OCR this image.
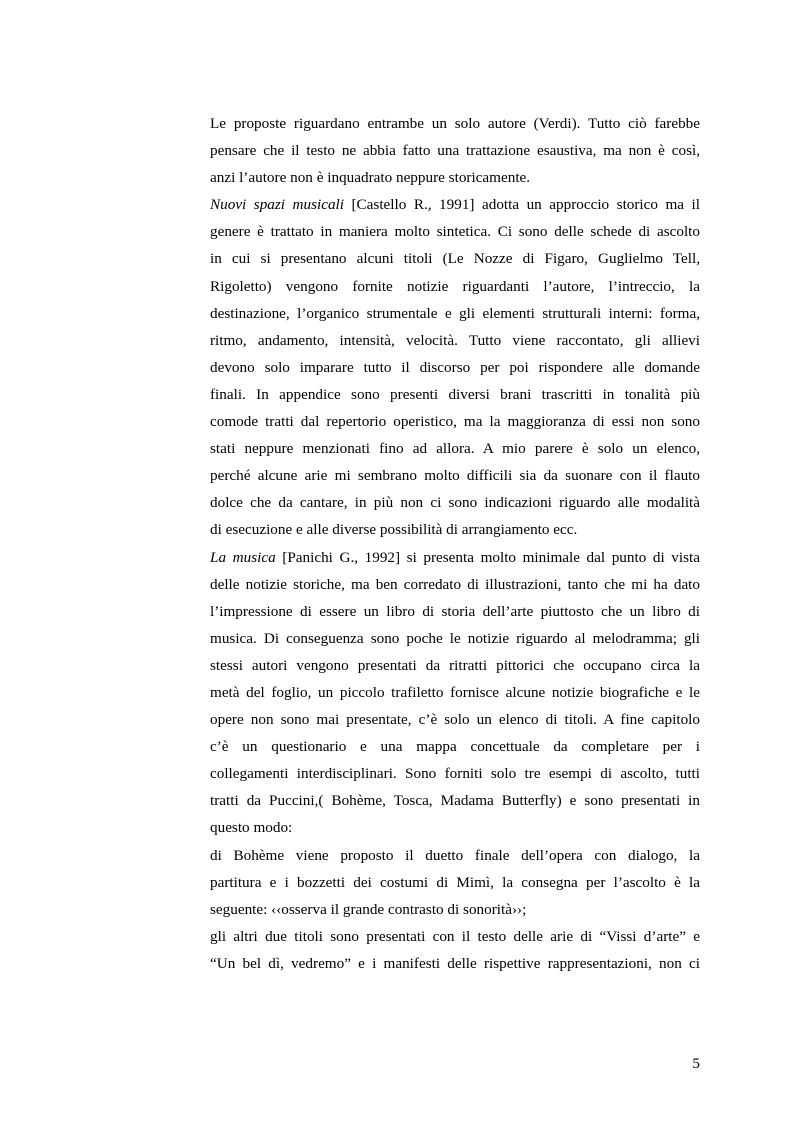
Le proposte riguardano entrambe un solo autore (Verdi). Tutto ciò farebbe
pensare che il testo ne abbia fatto una trattazione esaustiva, ma non è così,
anzi l’autore non è inquadrato neppure storicamente.
Nuovi spazi musicali [Castello R., 1991] adotta un approccio storico ma il
genere è trattato in maniera molto sintetica. Ci sono delle schede di ascolto
in cui si presentano alcuni titoli (Le Nozze di Figaro, Guglielmo Tell,
Rigoletto) vengono fornite notizie riguardanti l’autore, l’intreccio, la
destinazione, l’organico strumentale e gli elementi strutturali interni: forma,
ritmo, andamento, intensità, velocità. Tutto viene raccontato, gli allievi
devono solo imparare tutto il discorso per poi rispondere alle domande
finali. In appendice sono presenti diversi brani trascritti in tonalità più
comode tratti dal repertorio operistico, ma la maggioranza di essi non sono
stati neppure menzionati fino ad allora. A mio parere è solo un elenco,
perché alcune arie mi sembrano molto difficili sia da suonare con il flauto
dolce che da cantare, in più non ci sono indicazioni riguardo alle modalità
di esecuzione e alle diverse possibilità di arrangiamento ecc.
La musica [Panichi G., 1992] si presenta molto minimale dal punto di vista
delle notizie storiche, ma ben corredato di illustrazioni, tanto che mi ha dato
l’impressione di essere un libro di storia dell’arte piuttosto che un libro di
musica. Di conseguenza sono poche le notizie riguardo al melodramma; gli
stessi autori vengono presentati da ritratti pittorici che occupano circa la
metà del foglio, un piccolo trafiletto fornisce alcune notizie biografiche e le
opere non sono mai presentate, c’è solo un elenco di titoli. A fine capitolo
c’è un questionario e una mappa concettuale da completare per i
collegamenti interdisciplinari. Sono forniti solo tre esempi di ascolto, tutti
tratti da Puccini,( Bohème, Tosca, Madama Butterfly) e sono presentati in
questo modo:
di Bohème viene proposto il duetto finale dell’opera con dialogo, la
partitura e i bozzetti dei costumi di Mimì, la consegna per l’ascolto è la
seguente: ‹‹osserva il grande contrasto di sonorità››;
gli altri due titoli sono presentati con il testo delle arie di “Vissi d’arte” e
“Un bel dì, vedremo” e i manifesti delle rispettive rappresentazioni, non ci
5
